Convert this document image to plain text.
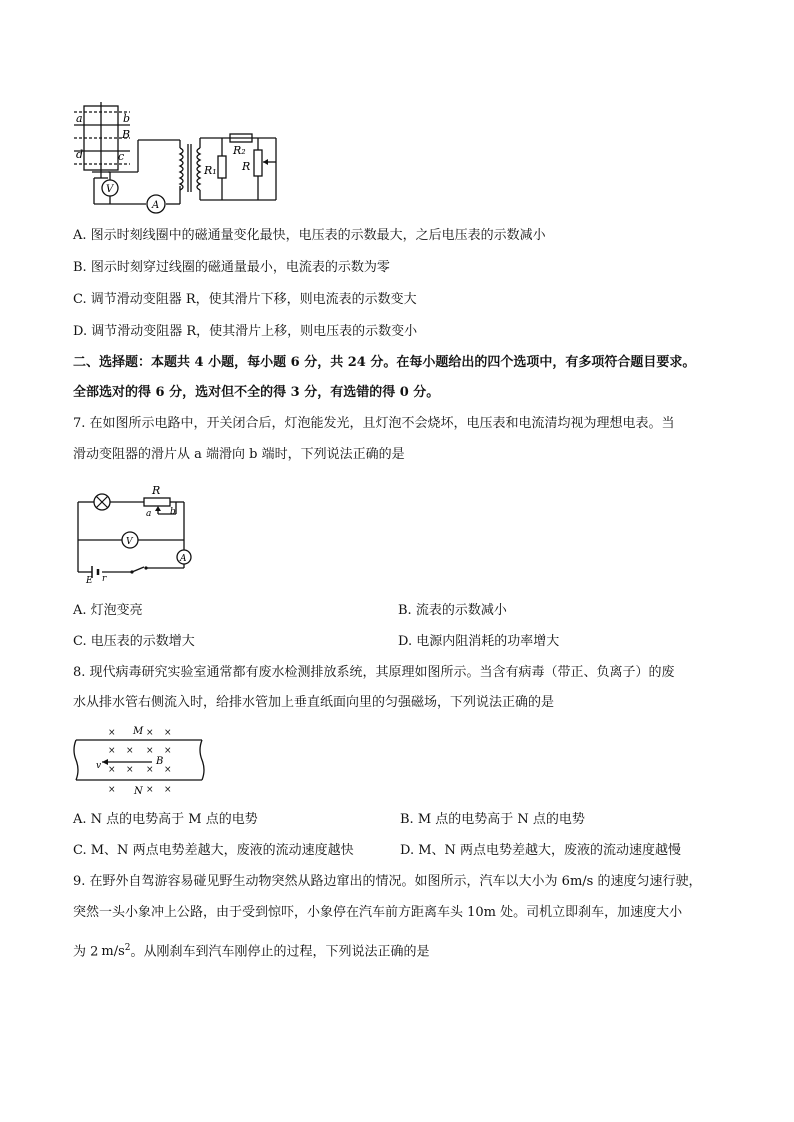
a	b
B
d	c
V
A
R₁
R₂
R
A. 图示时刻线圈中的磁通量变化最快，电压表的示数最大，之后电压表的示数减小
B. 图示时刻穿过线圈的磁通量最小，电流表的示数为零
C. 调节滑动变阻器 R，使其滑片下移，则电流表的示数变大
D. 调节滑动变阻器 R，使其滑片上移，则电压表的示数变小
二、选择题：本题共 4 小题，每小题 6 分，共 24 分。在每小题给出的四个选项中，有多项符合题目要求。
全部选对的得 6 分，选对但不全的得 3 分，有选错的得 0 分。
7. 在如图所示电路中，开关闭合后，灯泡能发光，且灯泡不会烧坏，电压表和电流清均视为理想电表。当
滑动变阻器的滑片从 a 端滑向 b 端时，下列说法正确的是
R
a b
V
A
E r
A. 灯泡变亮	B. 流表的示数减小
C. 电压表的示数增大	D. 电源内阻消耗的功率增大
8. 现代病毒研究实验室通常都有废水检测排放系统，其原理如图所示。当含有病毒（带正、负离子）的废
水从排水管右侧流入时，给排水管加上垂直纸面向里的匀强磁场，下列说法正确的是
×	× ×
× × × ×
× × × ×
×	× ×
M
N
v	B
A. N 点的电势高于 M 点的电势	B. M 点的电势高于 N 点的电势
C. M、N 两点电势差越大，废液的流动速度越快	D. M、N 两点电势差越大，废液的流动速度越慢
9. 在野外自驾游容易碰见野生动物突然从路边窜出的情况。如图所示，汽车以大小为 6m/s 的速度匀速行驶，
突然一头小象冲上公路，由于受到惊吓，小象停在汽车前方距离车头 10m 处。司机立即刹车，加速度大小
为 2 $m/s^2$。从刚刹车到汽车刚停止的过程，下列说法正确的是
